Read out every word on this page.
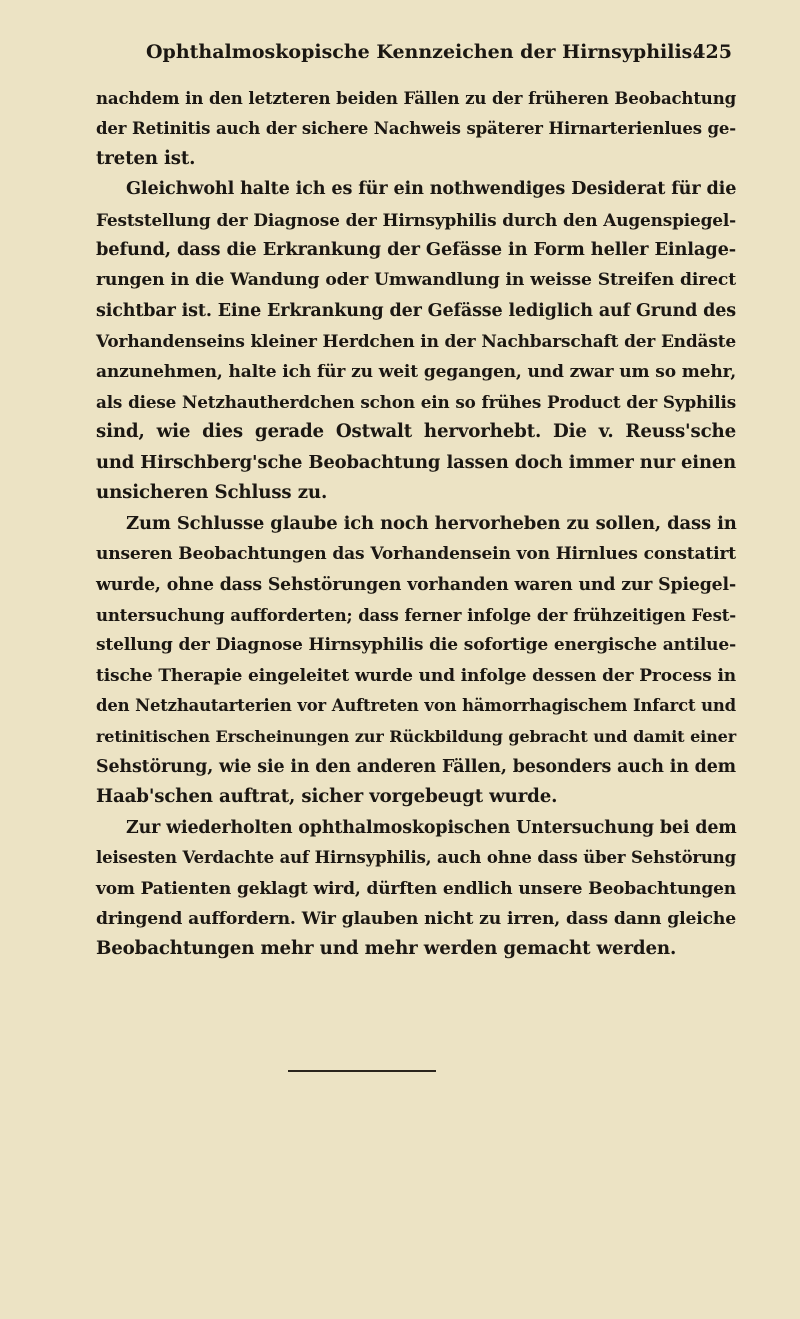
Ophthalmoskopische Kennzeichen der Hirnsyphilis.
425
nachdem in den letzteren beiden Fällen zu der früheren Beobachtung
der Retinitis auch der sichere Nachweis späterer Hirnarterienlues ge-
treten ist.
Gleichwohl halte ich es für ein nothwendiges Desiderat für die
Feststellung der Diagnose der Hirnsyphilis durch den Augenspiegel-
befund, dass die Erkrankung der Gefässe in Form heller Einlage-
rungen in die Wandung oder Umwandlung in weisse Streifen direct
sichtbar ist. Eine Erkrankung der Gefässe lediglich auf Grund des
Vorhandenseins kleiner Herdchen in der Nachbarschaft der Endäste
anzunehmen, halte ich für zu weit gegangen, und zwar um so mehr,
als diese Netzhautherdchen schon ein so frühes Product der Syphilis
sind, wie dies gerade Ostwalt hervorhebt. Die v. Reuss'sche
und Hirschberg'sche Beobachtung lassen doch immer nur einen
unsicheren Schluss zu.
Zum Schlusse glaube ich noch hervorheben zu sollen, dass in
unseren Beobachtungen das Vorhandensein von Hirnlues constatirt
wurde, ohne dass Sehstörungen vorhanden waren und zur Spiegel-
untersuchung aufforderten; dass ferner infolge der frühzeitigen Fest-
stellung der Diagnose Hirnsyphilis die sofortige energische antilue-
tische Therapie eingeleitet wurde und infolge dessen der Process in
den Netzhautarterien vor Auftreten von hämorrhagischem Infarct und
retinitischen Erscheinungen zur Rückbildung gebracht und damit einer
Sehstörung, wie sie in den anderen Fällen, besonders auch in dem
Haab'schen auftrat, sicher vorgebeugt wurde.
Zur wiederholten ophthalmoskopischen Untersuchung bei dem
leisesten Verdachte auf Hirnsyphilis, auch ohne dass über Sehstörung
vom Patienten geklagt wird, dürften endlich unsere Beobachtungen
dringend auffordern. Wir glauben nicht zu irren, dass dann gleiche
Beobachtungen mehr und mehr werden gemacht werden.
